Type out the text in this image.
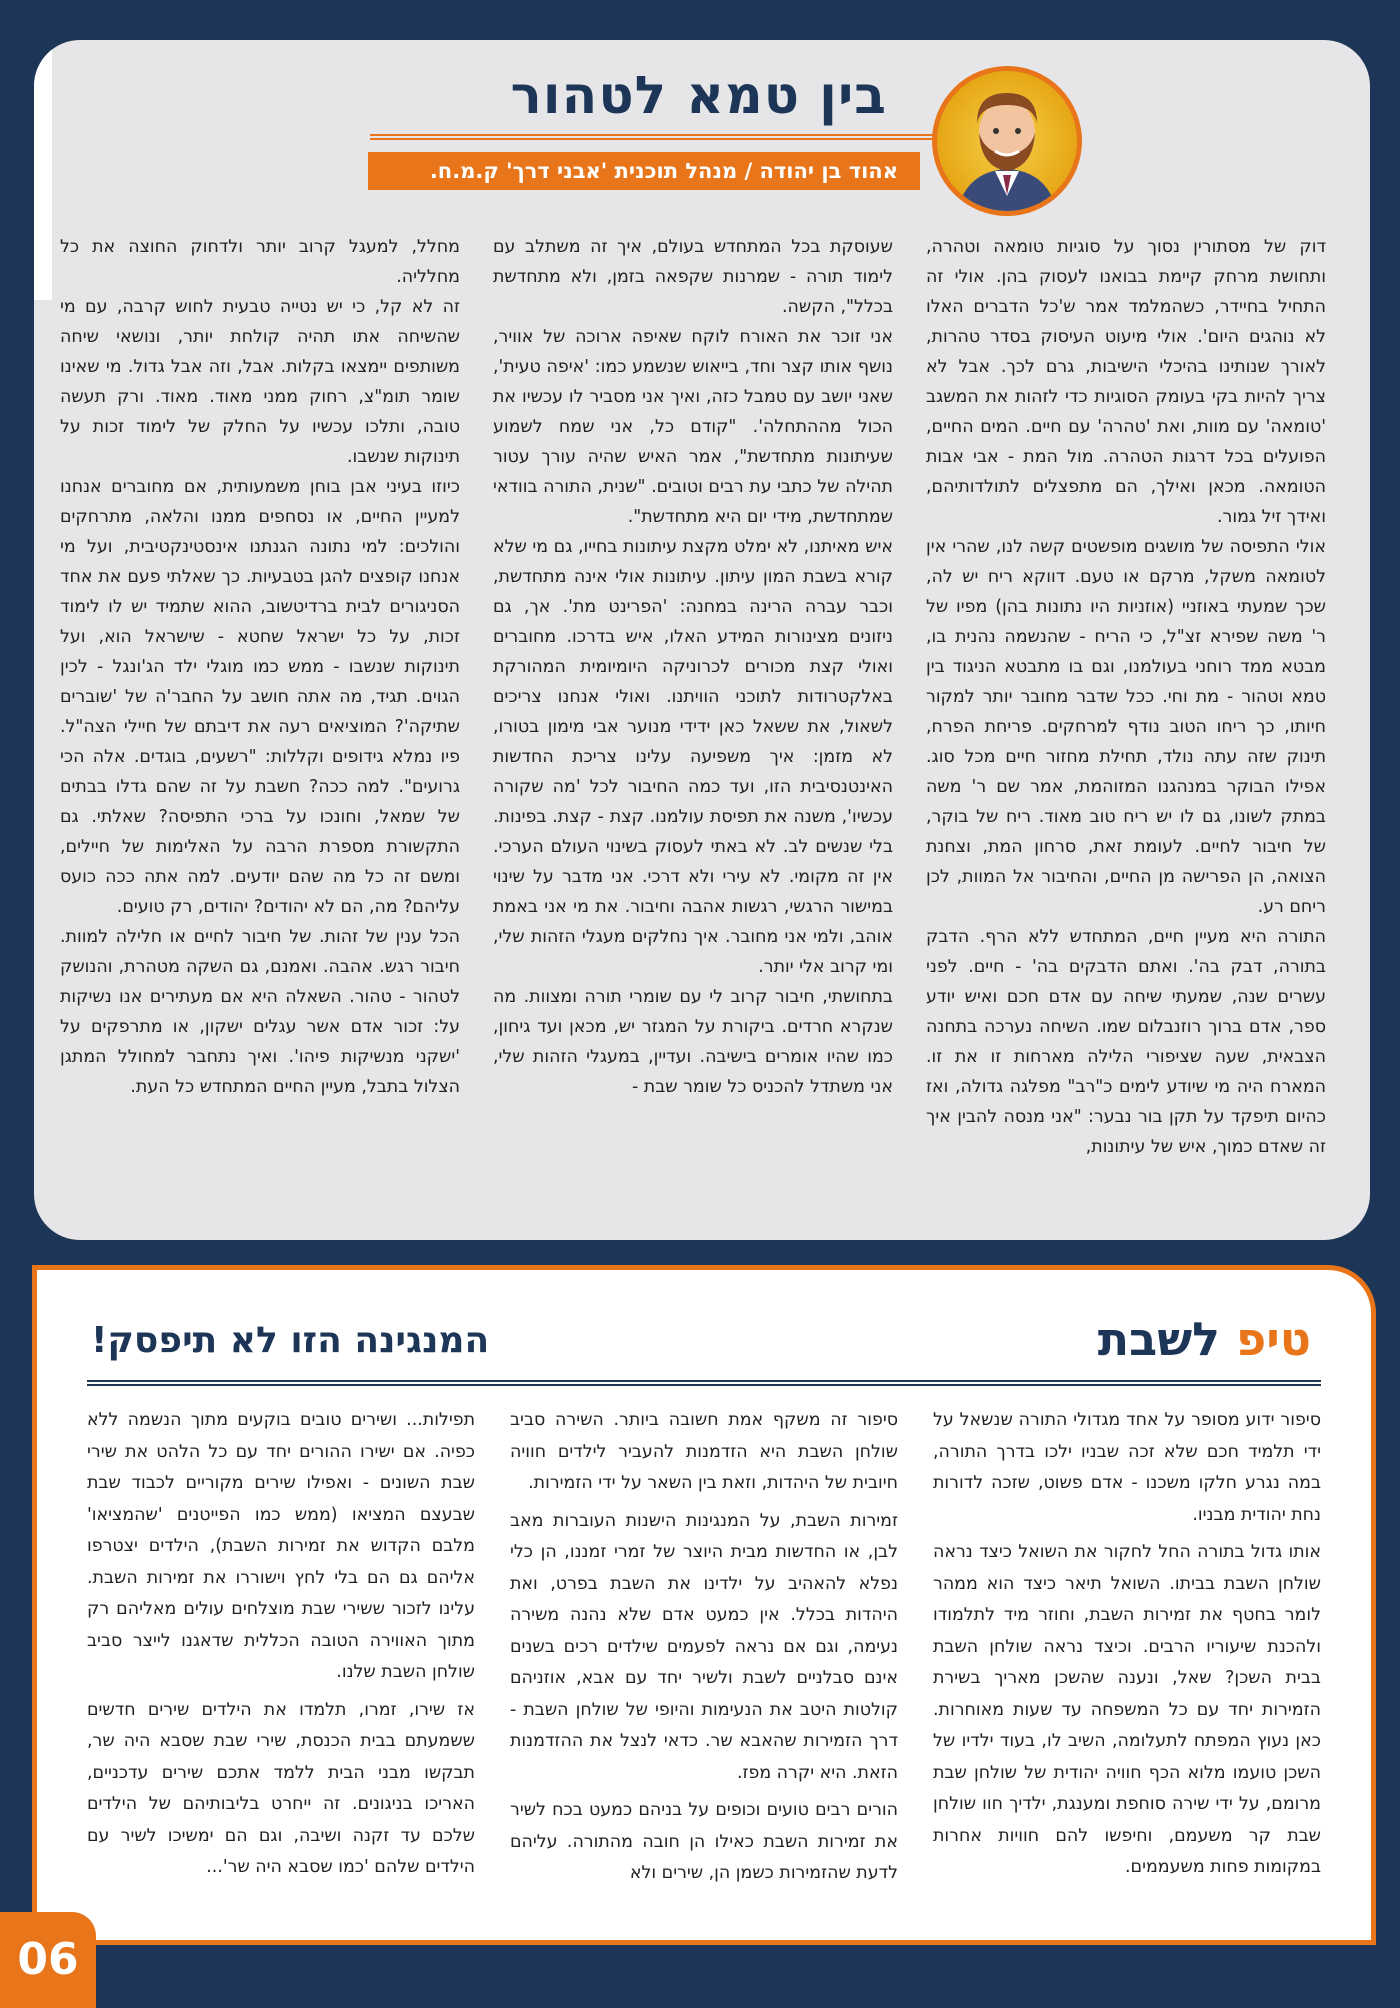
בין טמא לטהור
אהוד בן יהודה / מנהל תוכנית 'אבני דרך' ק.מ.ח.

דוק של מסתורין נסוך על סוגיות טומאה וטהרה, ותחושת מרחק קיימת בבואנו לעסוק בהן. אולי זה התחיל בחיידר, כשהמלמד אמר ש'כל הדברים האלו לא נוהגים היום'. אולי מיעוט העיסוק בסדר טהרות, לאורך שנותינו בהיכלי הישיבות, גרם לכך. אבל לא צריך להיות בקי בעומק הסוגיות כדי לזהות את המשגב 'טומאה' עם מוות, ואת 'טהרה' עם חיים. המים החיים, הפועלים בכל דרגות הטהרה. מול המת - אבי אבות הטומאה. מכאן ואילך, הם מתפצלים לתולדותיהם, ואידך זיל גמור.

אולי התפיסה של מושגים מופשטים קשה לנו, שהרי אין לטומאה משקל, מרקם או טעם. דווקא ריח יש לה, שכך שמעתי באוזניי (אוזניות היו נתונות בהן) מפיו של ר' משה שפירא זצ"ל, כי הריח - שהנשמה נהנית בו, מבטא ממד רוחני בעולמנו, וגם בו מתבטא הניגוד בין טמא וטהור - מת וחי. ככל שדבר מחובר יותר למקור חיותו, כך ריחו הטוב נודף למרחקים. פריחת הפרח, תינוק שזה עתה נולד, תחילת מחזור חיים מכל סוג. אפילו הבוקר במנהגנו המזוהמת, אמר שם ר' משה במתק לשונו, גם לו יש ריח טוב מאוד. ריח של בוקר, של חיבור לחיים. לעומת זאת, סרחון המת, וצחנת הצואה, הן הפרישה מן החיים, והחיבור אל המוות, לכן ריחם רע.

התורה היא מעיין חיים, המתחדש ללא הרף. הדבק בתורה, דבק בה'. ואתם הדבקים בה' - חיים. לפני עשרים שנה, שמעתי שיחה עם אדם חכם ואיש יודע ספר, אדם ברוך רוזנבלום שמו. השיחה נערכה בתחנה הצבאית, שעה שציפורי הלילה מארחות זו את זו. המארח היה מי שיודע לימים כ"רב" מפלגה גדולה, ואז כהיום תיפקד על תקן בור נבער: "אני מנסה להבין איך זה שאדם כמוך, איש של עיתונות,

שעוסקת בכל המתחדש בעולם, איך זה משתלב עם לימוד תורה - שמרנות שקפאה בזמן, ולא מתחדשת בכלל", הקשה.

אני זוכר את האורח לוקח שאיפה ארוכה של אוויר, נושף אותו קצר וחד, בייאוש שנשמע כמו: 'איפה טעית', שאני יושב עם טמבל כזה, ואיך אני מסביר לו עכשיו את הכול מההתחלה'. "קודם כל, אני שמח לשמוע שעיתונות מתחדשת", אמר האיש שהיה עורך עטור תהילה של כתבי עת רבים וטובים. "שנית, התורה בוודאי שמתחדשת, מידי יום היא מתחדשת".

איש מאיתנו, לא ימלט מקצת עיתונות בחייו, גם מי שלא קורא בשבת המון עיתון. עיתונות אולי אינה מתחדשת, וכבר עברה הרינה במחנה: 'הפרינט מת'. אך, גם ניזונים מצינורות המידע האלו, איש בדרכו. מחוברים ואולי קצת מכורים לכרוניקה היומיומית המהורקת באלקטרודות לתוכני הוויתנו. ואולי אנחנו צריכים לשאול, את ששאל כאן ידידי מנוער אבי מימון בטורו, לא מזמן: איך משפיעה עלינו צריכת החדשות האינטנסיבית הזו, ועד כמה החיבור לכל 'מה שקורה עכשיו', משנה את תפיסת עולמנו. קצת - קצת. בפינות. בלי שנשים לב. לא באתי לעסוק בשינוי העולם הערכי. אין זה מקומי. לא עירי ולא דרכי. אני מדבר על שינוי במישור הרגשי, רגשות אהבה וחיבור. את מי אני באמת אוהב, ולמי אני מחובר. איך נחלקים מעגלי הזהות שלי, ומי קרוב אלי יותר.

בתחושתי, חיבור קרוב לי עם שומרי תורה ומצוות. מה שנקרא חרדים. ביקורת על המגזר יש, מכאן ועד גיחון, כמו שהיו אומרים בישיבה. ועדיין, במעגלי הזהות שלי, אני משתדל להכניס כל שומר שבת -

מחלל, למעגל קרוב יותר ולדחוק החוצה את כל מחלליה.

זה לא קל, כי יש נטייה טבעית לחוש קרבה, עם מי שהשיחה אתו תהיה קולחת יותר, ונושאי שיחה משותפים יימצאו בקלות. אבל, וזה אבל גדול. מי שאינו שומר תומ"צ, רחוק ממני מאוד. מאוד. ורק תעשה טובה, ותלכו עכשיו על החלק של לימוד זכות על תינוקות שנשבו.

כיוזו בעיני אבן בוחן משמעותית, אם מחוברים אנחנו למעיין החיים, או נסחפים ממנו והלאה, מתרחקים והולכים: למי נתונה הגנתנו אינסטינקטיבית, ועל מי אנחנו קופצים להגן בטבעיות. כך שאלתי פעם את אחד הסניגורים לבית ברדיטשוב, ההוא שתמיד יש לו לימוד זכות, על כל ישראל שחטא - שישראל הוא, ועל תינוקות שנשבו - ממש כמו מוגלי ילד הג'ונגל - לכין הגוים. תגיד, מה אתה חושב על החבר'ה של 'שוברים שתיקה'? המוציאים רעה את דיבתם של חיילי הצה"ל. פיו נמלא גידופים וקללות: "רשעים, בוגדים. אלה הכי גרועים". למה ככה? חשבת על זה שהם גדלו בבתים של שמאל, וחונכו על ברכי התפיסה? שאלתי. גם התקשורת מספרת הרבה על האלימות של חיילים, ומשם זה כל מה שהם יודעים. למה אתה ככה כועס עליהם? מה, הם לא יהודים? יהודים, רק טועים.

הכל ענין של זהות. של חיבור לחיים או חלילה למוות. חיבור רגש. אהבה. ואמנם, גם השקה מטהרת, והנושק לטהור - טהור. השאלה היא אם מעתירים אנו נשיקות על: זכור אדם אשר עגלים ישקון, או מתרפקים על 'ישקני מנשיקות פיהו'. ואיך נתחבר למחולל המתגן הצלול בתבל, מעיין החיים המתחדש כל העת.

טיפ לשבת
המנגינה הזו לא תיפסק!

סיפור ידוע מסופר על אחד מגדולי התורה שנשאל על ידי תלמיד חכם שלא זכה שבניו ילכו בדרך התורה, במה נגרע חלקו משכנו - אדם פשוט, שזכה לדורות נחת יהודית מבניו.

אותו גדול בתורה החל לחקור את השואל כיצד נראה שולחן השבת בביתו. השואל תיאר כיצד הוא ממהר לומר בחטף את זמירות השבת, וחוזר מיד לתלמודו ולהכנת שיעוריו הרבים. וכיצד נראה שולחן השבת בבית השכן? שאל, ונענה שהשכן מאריך בשירת הזמירות יחד עם כל המשפחה עד שעות מאוחרות. כאן נעוץ המפתח לתעלומה, השיב לו, בעוד ילדיו של השכן טועמו מלוא הכף חוויה יהודית של שולחן שבת מרומם, על ידי שירה סוחפת ומענגת, ילדיך חוו שולחן שבת קר משעמם, וחיפשו להם חוויות אחרות במקומות פחות משעממים.

סיפור זה משקף אמת חשובה ביותר. השירה סביב שולחן השבת היא הזדמנות להעביר לילדים חוויה חיובית של היהדות, וזאת בין השאר על ידי הזמירות.

זמירות השבת, על המנגינות הישנות העוברות מאב לבן, או החדשות מבית היוצר של זמרי זמננו, הן כלי נפלא להאהיב על ילדינו את השבת בפרט, ואת היהדות בכלל. אין כמעט אדם שלא נהנה משירה נעימה, וגם אם נראה לפעמים שילדים רכים בשנים אינם סבלניים לשבת ולשיר יחד עם אבא, אוזניהם קולטות היטב את הנעימות והיופי של שולחן השבת - דרך הזמירות שהאבא שר. כדאי לנצל את ההזדמנות הזאת. היא יקרה מפז.

הורים רבים טועים וכופים על בניהם כמעט בכח לשיר את זמירות השבת כאילו הן חובה מהתורה. עליהם לדעת שהזמירות כשמן הן, שירים ולא

תפילות... ושירים טובים בוקעים מתוך הנשמה ללא כפיה. אם ישירו ההורים יחד עם כל הלהט את שירי שבת השונים - ואפילו שירים מקוריים לכבוד שבת שבעצם המציאו (ממש כמו הפייטנים 'שהמציאו' מלבם הקדוש את זמירות השבת), הילדים יצטרפו אליהם גם הם בלי לחץ וישוררו את זמירות השבת. עלינו לזכור ששירי שבת מוצלחים עולים מאליהם רק מתוך האווירה הטובה הכללית שדאגנו לייצר סביב שולחן השבת שלנו.

אז שירו, זמרו, תלמדו את הילדים שירים חדשים ששמעתם בבית הכנסת, שירי שבת שסבא היה שר, תבקשו מבני הבית ללמד אתכם שירים עדכניים, האריכו בניגונים. זה ייחרט בליבותיהם של הילדים שלכם עד זקנה ושיבה, וגם הם ימשיכו לשיר עם הילדים שלהם 'כמו שסבא היה שר'...

06
